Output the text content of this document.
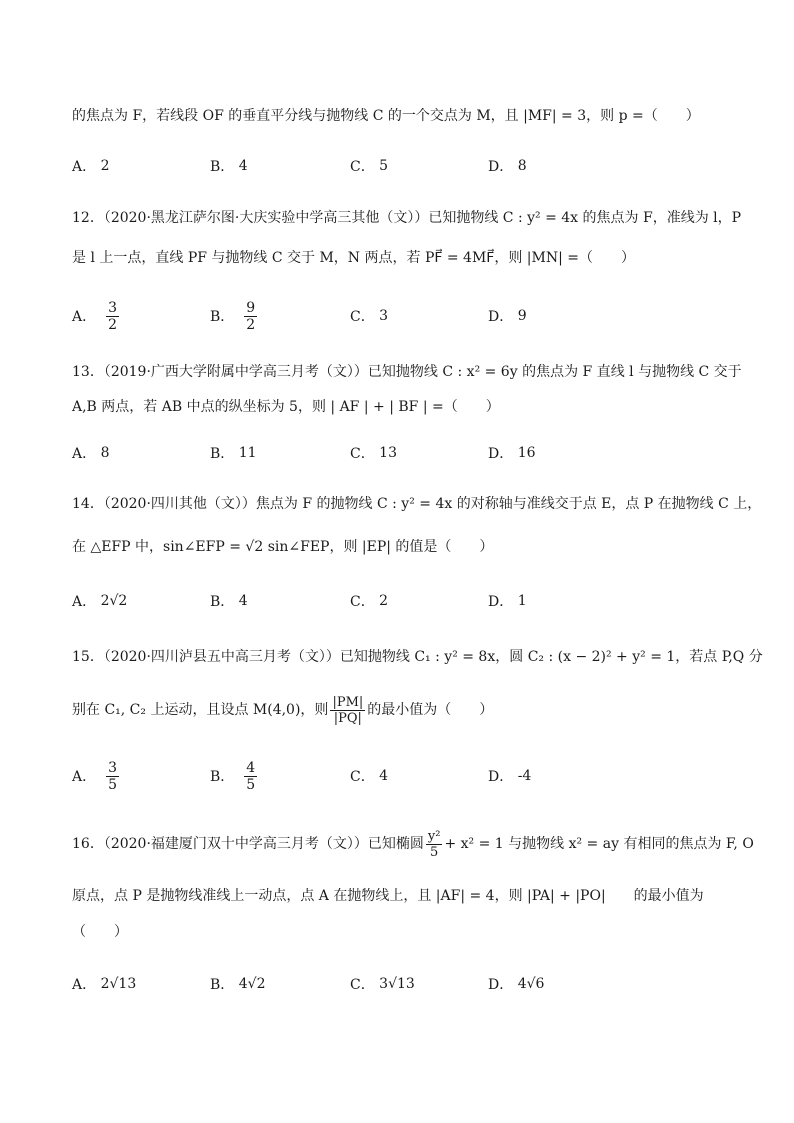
的焦点为 F，若线段 OF 的垂直平分线与抛物线 C 的一个交点为 M，且 |MF| = 3，则 p =（　　）
A．
2	B．
4	C．
5	D．
8
12．（2020·黑龙江萨尔图·大庆实验中学高三其他（文））已知抛物线 C : y² = 4x 的焦点为 F，准线为 l，P
是 l 上一点，直线 PF 与抛物线 C 交于 M，N 两点，若 PF⃗ = 4MF⃗，则 |MN| =（　　）
A． $\frac{3}{2}$	B． $\frac{9}{2}$	C．
3	D．
9
13．（2019·广西大学附属中学高三月考（文））已知抛物线 C : x² = 6y 的焦点为 F 直线 l 与抛物线 C 交于
A,B 两点，若 AB 中点的纵坐标为 5，则 | AF | + | BF | =（　　）
A．
8	B．
11	C．
13	D．
16
14．（2020·四川其他（文））焦点为 F 的抛物线 C : y² = 4x 的对称轴与准线交于点 E，点 P 在抛物线 C 上，
在 △EFP 中，sin∠EFP = √2 sin∠FEP，则 |EP| 的值是（　　）
A．
2√2	B．
4	C．
2	D．
1
15．（2020·四川泸县五中高三月考（文））已知抛物线 C₁ : y² = 8x，圆 C₂ : (x − 2)² + y² = 1，若点 P,Q 分
别在 C₁, C₂ 上运动，且设点 M(4,0)，则 $\frac{|PM|}{|PQ|}$ 的最小值为（　　）
A． $\frac{3}{5}$	B． $\frac{4}{5}$	C．
4	D．
-4
16．（2020·福建厦门双十中学高三月考（文））已知椭圆 $\frac{\text{y²}}{5} + x^2 = 1$ 与抛物线 x² = ay 有相同的焦点为 F, O
原点，点 P 是抛物线准线上一动点，点 A 在抛物线上，且 |AF| = 4，则 |PA| + |PO|　　的最小值为
（　　）
A．
2√13	B．
4√2	C．
3√13	D．
4√6
